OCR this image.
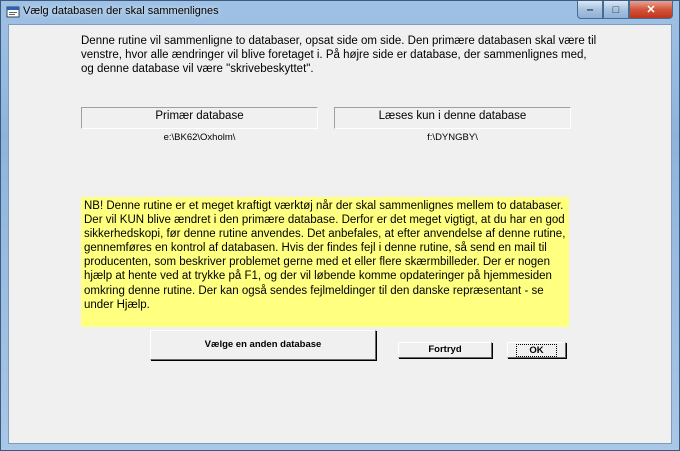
Vælg databasen der skal sammenlignes	‒	□	✕
Denne rutine vil sammenligne to databaser, opsat side om side. Den primære databasen skal være til venstre, hvor alle ændringer vil blive foretaget i. På højre side er database, der sammenlignes med, og denne database vil være "skrivebeskyttet".
Primær database	Læses kun i denne database
e:\BK62\Oxholm\	f:\DYNGBY\
NB! Denne rutine er et meget kraftigt værktøj når der skal sammenlignes mellem to databaser. Der vil KUN blive ændret i den primære database. Derfor er det meget vigtigt, at du har en god sikkerhedskopi, før denne rutine anvendes. Det anbefales, at efter anvendelse af denne rutine, gennemføres en kontrol af databasen. Hvis der findes fejl i denne rutine, så send en mail til producenten, som beskriver problemet gerne med et eller flere skærmbilleder. Der er nogen hjælp at hente ved at trykke på F1, og der vil løbende komme opdateringer på hjemmesiden omkring denne rutine. Der kan også sendes fejlmeldinger til den danske repræsentant - se under Hjælp.
Vælge en anden database	Fortryd	OK
